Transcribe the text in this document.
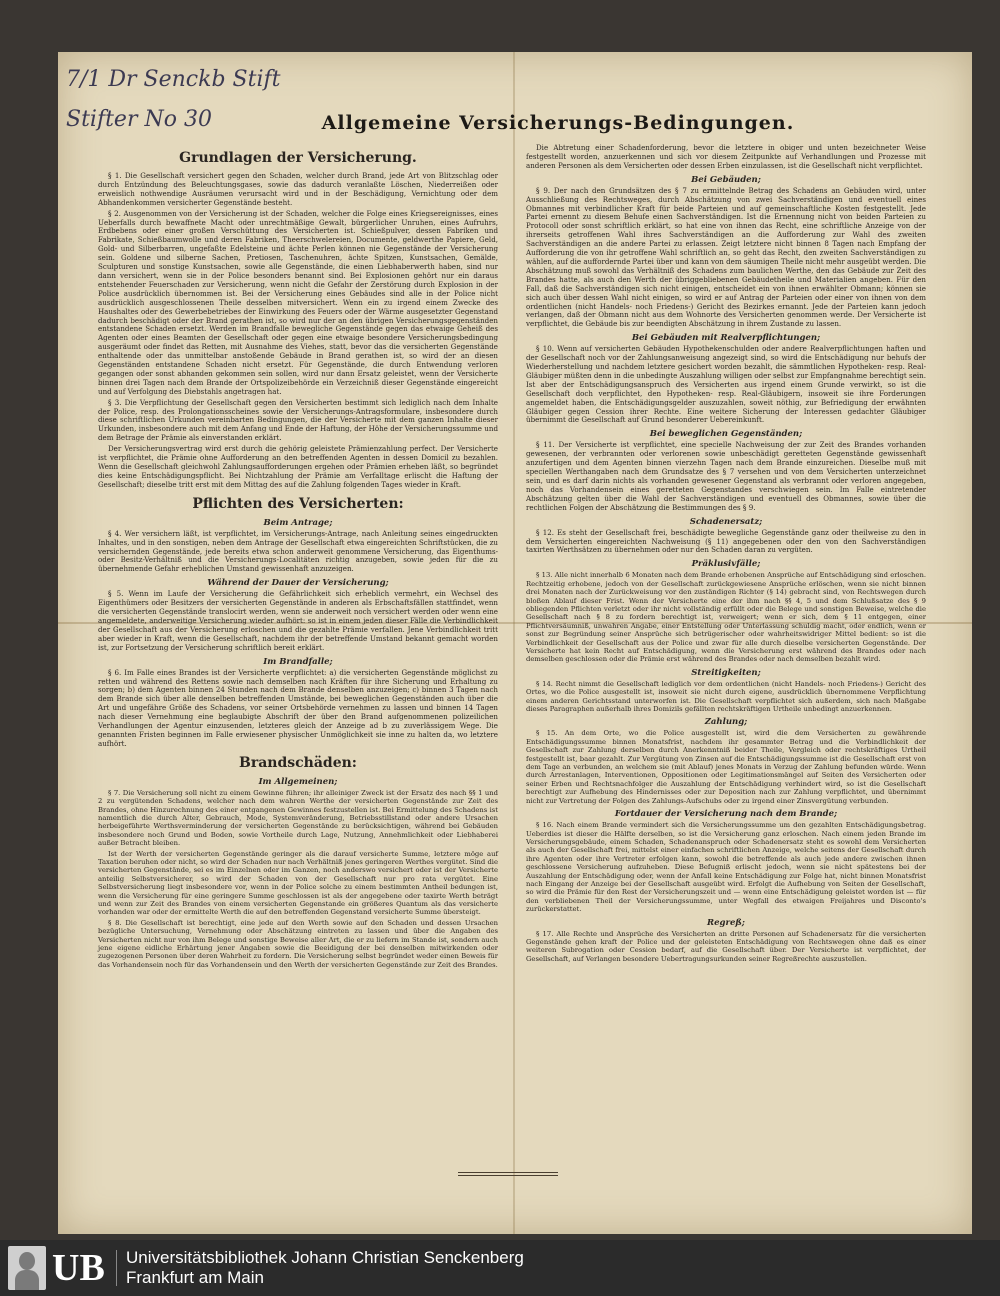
7/1 Dr Senckb Stift
Stifter No 30	Allgemeine Versicherungs-Bedingungen.
Grundlagen der Versicherung.
§ 1. Die Gesellschaft versichert gegen den Schaden, welcher durch Brand, jede Art von Blitzschlag oder durch Entzündung des Beleuchtungsgases, sowie das dadurch veranlaßte Löschen, Niederreißen oder erweislich nothwendige Ausräumen verursacht wird und in der Beschädigung, Vernichtung oder dem Abhandenkommen versicherter Gegenstände besteht.
§ 2. Ausgenommen von der Versicherung ist der Schaden, welcher die Folge eines Kriegsereignisses, eines Ueberfalls durch bewaffnete Macht oder unrechtmäßige Gewalt, bürgerlicher Unruhen, eines Aufruhrs, Erdbebens oder einer großen Verschüttung des Versicherten ist. Schießpulver, dessen Fabriken und Fabrikate, Schießbaumwolle und deren Fabriken, Theerschwelereien, Documente, geldwerthe Papiere, Geld, Gold- und Silberbarren, ungefaßte Edelsteine und ächte Perlen können nie Gegenstände der Versicherung sein. Goldene und silberne Sachen, Pretiosen, Taschenuhren, ächte Spitzen, Kunstsachen, Gemälde, Sculpturen und sonstige Kunstsachen, sowie alle Gegenstände, die einen Liebhaberwerth haben, sind nur dann versichert, wenn sie in der Police besonders benannt sind. Bei Explosionen gehört nur ein daraus entstehender Feuerschaden zur Versicherung, wenn nicht die Gefahr der Zerstörung durch Explosion in der Police ausdrücklich übernommen ist. Bei der Versicherung eines Gebäudes sind alle in der Police nicht ausdrücklich ausgeschlossenen Theile desselben mitversichert. Wenn ein zu irgend einem Zwecke des Haushaltes oder des Gewerbebetriebes der Einwirkung des Feuers oder der Wärme ausgesetzter Gegenstand dadurch beschädigt oder der Brand gerathen ist, so wird nur der an den übrigen Versicherungsgegenständen entstandene Schaden ersetzt. Werden im Brandfalle bewegliche Gegenstände gegen das etwaige Geheiß des Agenten oder eines Beamten der Gesellschaft oder gegen eine etwaige besondere Versicherungsbedingung ausgeräumt oder findet das Retten, mit Ausnahme des Viehes, statt, bevor das die versicherten Gegenstände enthaltende oder das unmittelbar anstoßende Gebäude in Brand gerathen ist, so wird der an diesen Gegenständen entstandene Schaden nicht ersetzt. Für Gegenstände, die durch Entwendung verloren gegangen oder sonst abhanden gekommen sein sollen, wird nur dann Ersatz geleistet, wenn der Versicherte binnen drei Tagen nach dem Brande der Ortspolizeibehörde ein Verzeichniß dieser Gegenstände eingereicht und auf Verfolgung des Diebstahls angetragen hat.
§ 3. Die Verpflichtung der Gesellschaft gegen den Versicherten bestimmt sich lediglich nach dem Inhalte der Police, resp. des Prolongationsscheines sowie der Versicherungs-Antragsformulare, insbesondere durch diese schriftlichen Urkunden vereinbarten Bedingungen, die der Versicherte mit dem ganzen Inhalte dieser Urkunden, insbesondere auch mit dem Anfang und Ende der Haftung, der Höhe der Versicherungssumme und dem Betrage der Prämie als einverstanden erklärt.
Der Versicherungsvertrag wird erst durch die gehörig geleistete Prämienzahlung perfect. Der Versicherte ist verpflichtet, die Prämie ohne Aufforderung an den betreffenden Agenten in dessen Domicil zu bezahlen. Wenn die Gesellschaft gleichwohl Zahlungsaufforderungen ergehen oder Prämien erheben läßt, so begründet dies keine Entschädigungspflicht. Bei Nichtzahlung der Prämie am Verfalltage erlischt die Haftung der Gesellschaft; dieselbe tritt erst mit dem Mittag des auf die Zahlung folgenden Tages wieder in Kraft.
Pflichten des Versicherten:
Beim Antrage;
§ 4. Wer versichern läßt, ist verpflichtet, im Versicherungs-Antrage, nach Anleitung seines eingedruckten Inhaltes, und in den sonstigen, neben dem Antrage der Gesellschaft etwa eingereichten Schriftstücken, die zu versichernden Gegenstände, jede bereits etwa schon anderweit genommene Versicherung, das Eigenthums- oder Besitz-Verhältniß und die Versicherungs-Localitäten richtig anzugeben, sowie jeden für die zu übernehmende Gefahr erheblichen Umstand gewissenhaft anzuzeigen.
Während der Dauer der Versicherung;
§ 5. Wenn im Laufe der Versicherung die Gefährlichkeit sich erheblich vermehrt, ein Wechsel des Eigenthümers oder Besitzers der versicherten Gegenstände in anderen als Erbschaftsfällen stattfindet, wenn die versicherten Gegenstände translocirt werden, wenn sie anderweit noch versichert werden oder wenn eine angemeldete, anderweitige Versicherung wieder aufhört: so ist in einem jeden dieser Fälle die Verbindlichkeit der Gesellschaft aus der Versicherung erloschen und die gezahlte Prämie verfallen. Jene Verbindlichkeit tritt aber wieder in Kraft, wenn die Gesellschaft, nachdem ihr der betreffende Umstand bekannt gemacht worden ist, zur Fortsetzung der Versicherung schriftlich bereit erklärt.
Im Brandfalle;
§ 6. Im Falle eines Brandes ist der Versicherte verpflichtet: a) die versicherten Gegenstände möglichst zu retten und während des Rettens sowie nach demselben nach Kräften für ihre Sicherung und Erhaltung zu sorgen; b) dem Agenten binnen 24 Stunden nach dem Brande denselben anzuzeigen; c) binnen 3 Tagen nach dem Brande sich über alle denselben betreffenden Umstände, bei beweglichen Gegenständen auch über die Art und ungefähre Größe des Schadens, vor seiner Ortsbehörde vernehmen zu lassen und binnen 14 Tagen nach dieser Vernehmung eine beglaubigte Abschrift der über den Brand aufgenommenen polizeilichen Verhandlungen der Agentur einzusenden, letzteres gleich der Anzeige ad b zu zuverlässigem Wege. Die genannten Fristen beginnen im Falle erwiesener physischer Unmöglichkeit sie inne zu halten da, wo letztere aufhört.
Brandschäden:
Im Allgemeinen;
§ 7. Die Versicherung soll nicht zu einem Gewinne führen; ihr alleiniger Zweck ist der Ersatz des nach §§ 1 und 2 zu vergütenden Schadens, welcher nach dem wahren Werthe der versicherten Gegenstände zur Zeit des Brandes, ohne Hinzurechnung des einer entgangenen Gewinnes festzustellen ist. Bei Ermittelung des Schadens ist namentlich die durch Alter, Gebrauch, Mode, Systemveränderung, Betriebsstillstand oder andere Ursachen herbeigeführte Werthsverminderung der versicherten Gegenstände zu berücksichtigen, während bei Gebäuden insbesondere noch Grund und Boden, sowie Vortheile durch Lage, Nutzung, Annehmlichkeit oder Liebhaberei außer Betracht bleiben.
Ist der Werth der versicherten Gegenstände geringer als die darauf versicherte Summe, letztere möge auf Taxation beruhen oder nicht, so wird der Schaden nur nach Verhältniß jenes geringeren Werthes vergütet. Sind die versicherten Gegenstände, sei es im Einzelnen oder im Ganzen, noch anderswo versichert oder ist der Versicherte anteilig Selbstversicherer, so wird der Schaden von der Gesellschaft nur pro rata vergütet. Eine Selbstversicherung liegt insbesondere vor, wenn in der Police solche zu einem bestimmten Antheil bedungen ist, wenn die Versicherung für eine geringere Summe geschlossen ist als der angegebene oder taxirte Werth beträgt und wenn zur Zeit des Brandes von einem versicherten Gegenstande ein größeres Quantum als das versicherte vorhanden war oder der ermittelte Werth die auf den betreffenden Gegenstand versicherte Summe übersteigt.
§ 8. Die Gesellschaft ist berechtigt, eine jede auf den Werth sowie auf den Schaden und dessen Ursachen bezügliche Untersuchung, Vernehmung oder Abschätzung eintreten zu lassen und über die Angaben des Versicherten nicht nur von ihm Belege und sonstige Beweise aller Art, die er zu liefern im Stande ist, sondern auch jene eigene eidliche Erhärtung jener Angaben sowie die Beeidigung der bei denselben mitwirkenden oder zugezogenen Personen über deren Wahrheit zu fordern. Die Versicherung selbst begründet weder einen Beweis für das Vorhandensein noch für das Vorhandensein und den Werth der versicherten Gegenstände zur Zeit des Brandes.
Die Abtretung einer Schadenforderung, bevor die letztere in obiger und unten bezeichneter Weise festgestellt worden, anzuerkennen und sich vor diesem Zeitpunkte auf Verhandlungen und Prozesse mit anderen Personen als dem Versicherten oder dessen Erben einzulassen, ist die Gesellschaft nicht verpflichtet.
Bei Gebäuden;
§ 9. Der nach den Grundsätzen des § 7 zu ermittelnde Betrag des Schadens an Gebäuden wird, unter Ausschließung des Rechtsweges, durch Abschätzung von zwei Sachverständigen und eventuell eines Obmannes mit verbindlicher Kraft für beide Parteien und auf gemeinschaftliche Kosten festgestellt. Jede Partei ernennt zu diesem Behufe einen Sachverständigen. Ist die Ernennung nicht von beiden Parteien zu Protocoll oder sonst schriftlich erklärt, so hat eine von ihnen das Recht, eine schriftliche Anzeige von der ihrerseits getroffenen Wahl ihres Sachverständigen an die Aufforderung zur Wahl des zweiten Sachverständigen an die andere Partei zu erlassen. Zeigt letztere nicht binnen 8 Tagen nach Empfang der Aufforderung die von ihr getroffene Wahl schriftlich an, so geht das Recht, den zweiten Sachverständigen zu wählen, auf die auffordernde Partei über und kann von dem säumigen Theile nicht mehr ausgeübt werden. Die Abschätzung muß sowohl das Verhältniß des Schadens zum baulichen Werthe, den das Gebäude zur Zeit des Brandes hatte, als auch den Werth der übriggebliebenen Gebäudetheile und Materialien angeben. Für den Fall, daß die Sachverständigen sich nicht einigen, entscheidet ein von ihnen erwählter Obmann; können sie sich auch über dessen Wahl nicht einigen, so wird er auf Antrag der Parteien oder einer von ihnen von dem ordentlichen (nicht Handels- noch Friedens-) Gericht des Bezirkes ernannt. Jede der Parteien kann jedoch verlangen, daß der Obmann nicht aus dem Wohnorte des Versicherten genommen werde. Der Versicherte ist verpflichtet, die Gebäude bis zur beendigten Abschätzung in ihrem Zustande zu lassen.
Bei Gebäuden mit Realverpflichtungen;
§ 10. Wenn auf versicherten Gebäuden Hypothekenschulden oder andere Realverpflichtungen haften und der Gesellschaft noch vor der Zahlungsanweisung angezeigt sind, so wird die Entschädigung nur behufs der Wiederherstellung und nachdem letztere gesichert worden bezahlt, die sämmtlichen Hypotheken- resp. Real-Gläubiger müßten denn in die unbedingte Auszahlung willigen oder selbst zur Empfangnahme berechtigt sein. Ist aber der Entschädigungsanspruch des Versicherten aus irgend einem Grunde verwirkt, so ist die Gesellschaft doch verpflichtet, den Hypotheken- resp. Real-Gläubigern, insoweit sie ihre Forderungen angemeldet haben, die Entschädigungsgelder auszuzahlen, soweit nöthig, zur Befriedigung der erwähnten Gläubiger gegen Cession ihrer Rechte. Eine weitere Sicherung der Interessen gedachter Gläubiger übernimmt die Gesellschaft auf Grund besonderer Uebereinkunft.
Bei beweglichen Gegenständen;
§ 11. Der Versicherte ist verpflichtet, eine specielle Nachweisung der zur Zeit des Brandes vorhanden gewesenen, der verbrannten oder verlorenen sowie unbeschädigt geretteten Gegenstände gewissenhaft anzufertigen und dem Agenten binnen vierzehn Tagen nach dem Brande einzureichen. Dieselbe muß mit speciellen Werthangaben nach dem Grundsatze des § 7 versehen und von dem Versicherten unterzeichnet sein, und es darf darin nichts als vorhanden gewesener Gegenstand als verbrannt oder verloren angegeben, noch das Vorhandensein eines geretteten Gegenstandes verschwiegen sein. Im Falle eintretender Abschätzung gelten über die Wahl der Sachverständigen und eventuell des Obmannes, sowie über die rechtlichen Folgen der Abschätzung die Bestimmungen des § 9.
Schadenersatz;
§ 12. Es steht der Gesellschaft frei, beschädigte bewegliche Gegenstände ganz oder theilweise zu den in dem Versicherten eingereichten Nachweisung (§ 11) angegebenen oder den von den Sachverständigen taxirten Werthsätzen zu übernehmen oder nur den Schaden daran zu vergüten.
Präklusivfälle;
§ 13. Alle nicht innerhalb 6 Monaten nach dem Brande erhobenen Ansprüche auf Entschädigung sind erloschen. Rechtzeitig erhobene, jedoch von der Gesellschaft zurückgewiesene Ansprüche erlöschen, wenn sie nicht binnen drei Monaten nach der Zurückweisung vor den zuständigen Richter (§ 14) gebracht sind, von Rechtswegen durch bloßen Ablauf dieser Frist. Wenn der Versicherte eine der ihm nach §§ 4, 5 und dem Schlußsatze des § 9 obliegenden Pflichten verletzt oder ihr nicht vollständig erfüllt oder die Belege und sonstigen Beweise, welche die Gesellschaft nach § 8 zu fordern berechtigt ist, verweigert; wenn er sich, dem § 11 entgegen, einer Pflichtversäumniß, unwahren Angabe, einer Entstellung oder Unterlassung schuldig macht, oder endlich, wenn er sonst zur Begründung seiner Ansprüche sich betrügerischer oder wahrheitswidriger Mittel bedient: so ist die Verbindlichkeit der Gesellschaft aus der Police und zwar für alle durch dieselbe versicherten Gegenstände. Der Versicherte hat kein Recht auf Entschädigung, wenn die Versicherung erst während des Brandes oder nach demselben geschlossen oder die Prämie erst während des Brandes oder nach demselben bezahlt wird.
Streitigkeiten;
§ 14. Recht nimmt die Gesellschaft lediglich vor dem ordentlichen (nicht Handels- noch Friedens-) Gericht des Ortes, wo die Police ausgestellt ist, insoweit sie nicht durch eigene, ausdrücklich übernommene Verpflichtung einem anderen Gerichtsstand unterworfen ist. Die Gesellschaft verpflichtet sich außerdem, sich nach Maßgabe dieses Paragraphen außerhalb ihres Domizils gefällten rechtskräftigen Urtheile unbedingt anzuerkennen.
Zahlung;
§ 15. An dem Orte, wo die Police ausgestellt ist, wird die dem Versicherten zu gewährende Entschädigungssumme binnen Monatsfrist, nachdem ihr gesammter Betrag und die Verbindlichkeit der Gesellschaft zur Zahlung derselben durch Anerkenntniß beider Theile, Vergleich oder rechtskräftiges Urtheil festgestellt ist, baar gezahlt. Zur Vergütung von Zinsen auf die Entschädigungssumme ist die Gesellschaft erst von dem Tage an verbunden, an welchem sie (mit Ablauf) jenes Monats in Verzug der Zahlung befunden würde. Wenn durch Arrestanlagen, Interventionen, Oppositionen oder Legitimationsmängel auf Seiten des Versicherten oder seiner Erben und Rechtsnachfolger die Auszahlung der Entschädigung verhindert wird, so ist die Gesellschaft berechtigt zur Aufhebung des Hindernisses oder zur Deposition nach zur Zahlung verpflichtet, und übernimmt nicht zur Vertretung der Folgen des Zahlungs-Aufschubs oder zu irgend einer Zinsvergütung verbunden.
Fortdauer der Versicherung nach dem Brande;
§ 16. Nach einem Brande vermindert sich die Versicherungssumme um den gezahlten Entschädigungsbetrag. Ueberdies ist dieser die Hälfte derselben, so ist die Versicherung ganz erloschen. Nach einem jeden Brande im Versicherungsgebäude, einem Schaden, Schadenanspruch oder Schadenersatz steht es sowohl dem Versicherten als auch der Gesellschaft frei, mittelst einer einfachen schriftlichen Anzeige, welche seitens der Gesellschaft durch ihre Agenten oder ihre Vertreter erfolgen kann, sowohl die betreffende als auch jede andere zwischen ihnen geschlossene Versicherung aufzuheben. Diese Befugniß erlischt jedoch, wenn sie nicht spätestens bei der Auszahlung der Entschädigung oder, wenn der Anfall keine Entschädigung zur Folge hat, nicht binnen Monatsfrist nach Eingang der Anzeige bei der Gesellschaft ausgeübt wird. Erfolgt die Aufhebung von Seiten der Gesellschaft, so wird die Prämie für den Rest der Versicherungszeit und — wenn eine Entschädigung geleistet worden ist — für den verbliebenen Theil der Versicherungssumme, unter Wegfall des etwaigen Freijahres und Disconto's zurückerstattet.
Regreß;
§ 17. Alle Rechte und Ansprüche des Versicherten an dritte Personen auf Schadenersatz für die versicherten Gegenstände gehen kraft der Police und der geleisteten Entschädigung von Rechtswegen ohne daß es einer weiteren Subrogation oder Cession bedarf, auf die Gesellschaft über. Der Versicherte ist verpflichtet, der Gesellschaft, auf Verlangen besondere Uebertragungsurkunden seiner Regreßrechte auszustellen.
UB Universitätsbibliothek Johann Christian Senckenberg
Frankfurt am Main
